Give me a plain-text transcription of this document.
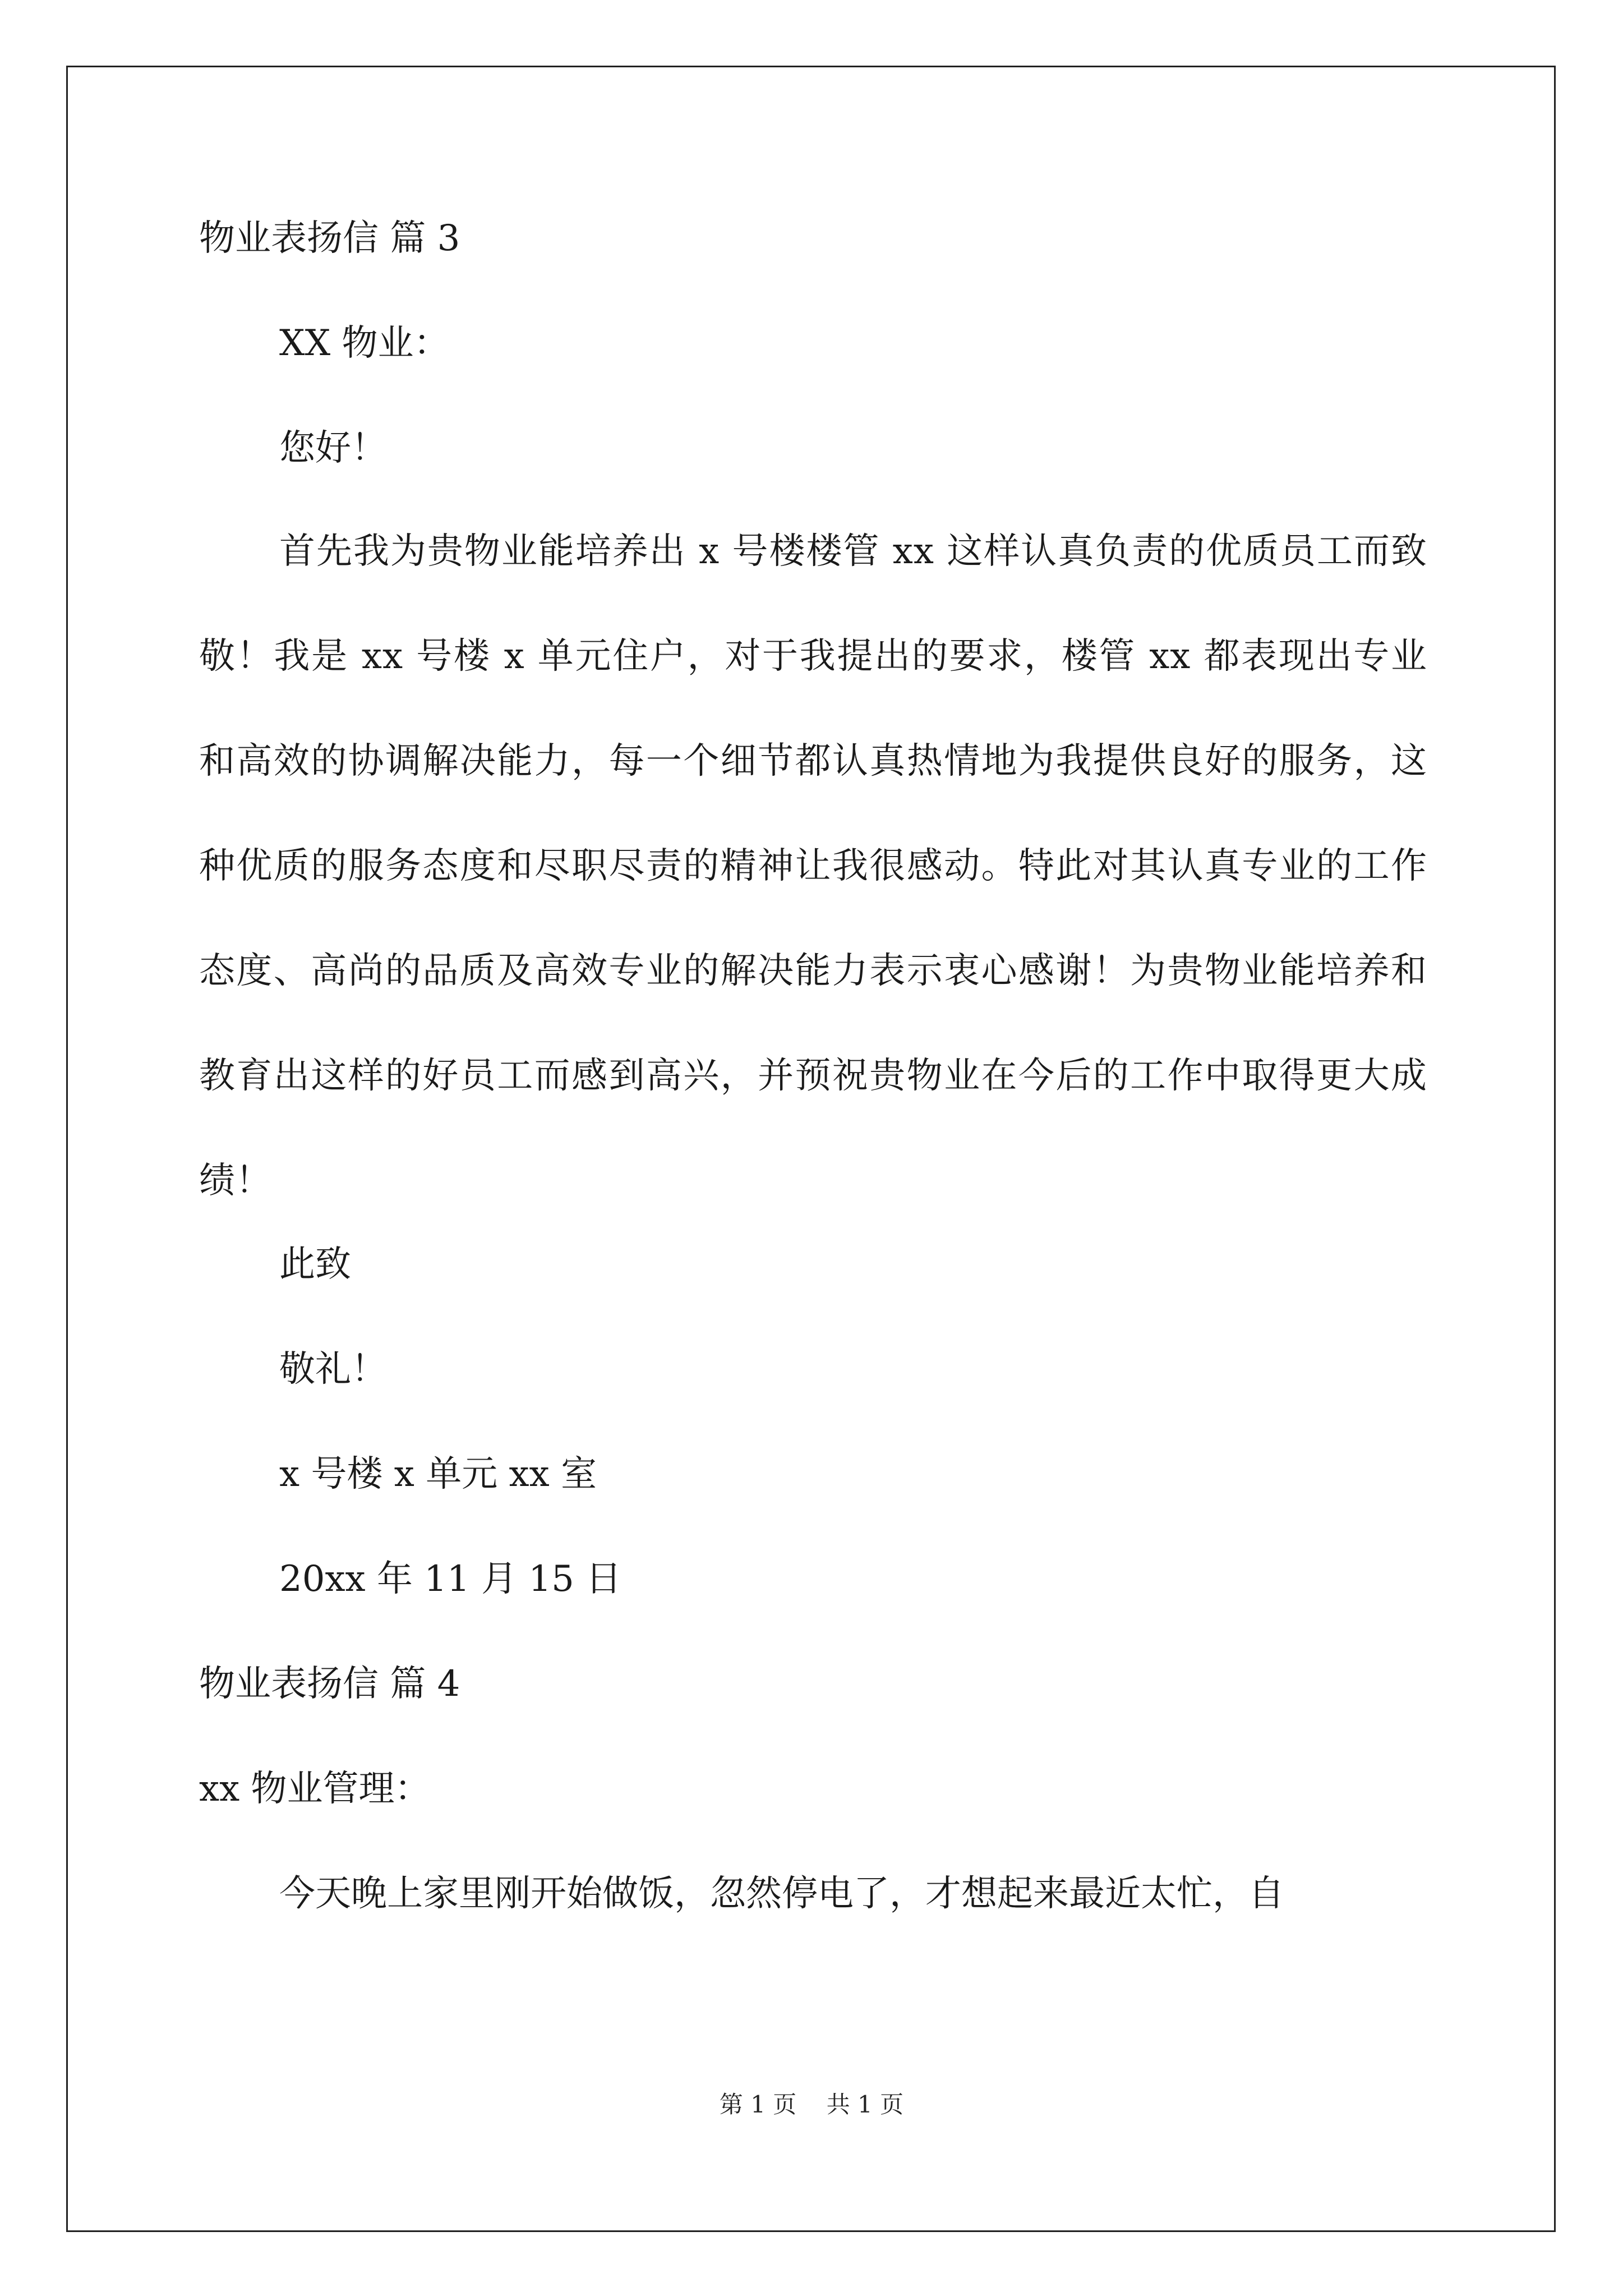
物业表扬信 篇 3

XX 物业：

您好！

首先我为贵物业能培养出 x 号楼楼管 xx 这样认真负责的优质员工而致敬！我是 xx 号楼 x 单元住户，对于我提出的要求，楼管 xx 都表现出专业和高效的协调解决能力，每一个细节都认真热情地为我提供良好的服务，这种优质的服务态度和尽职尽责的精神让我很感动。特此对其认真专业的工作态度、高尚的品质及高效专业的解决能力表示衷心感谢！为贵物业能培养和教育出这样的好员工而感到高兴，并预祝贵物业在今后的工作中取得更大成绩！

此致

敬礼！

x 号楼 x 单元 xx 室

20xx 年 11 月 15 日

物业表扬信 篇 4

xx 物业管理：

今天晚上家里刚开始做饭，忽然停电了，才想起来最近太忙，自

第 1 页    共 1 页
